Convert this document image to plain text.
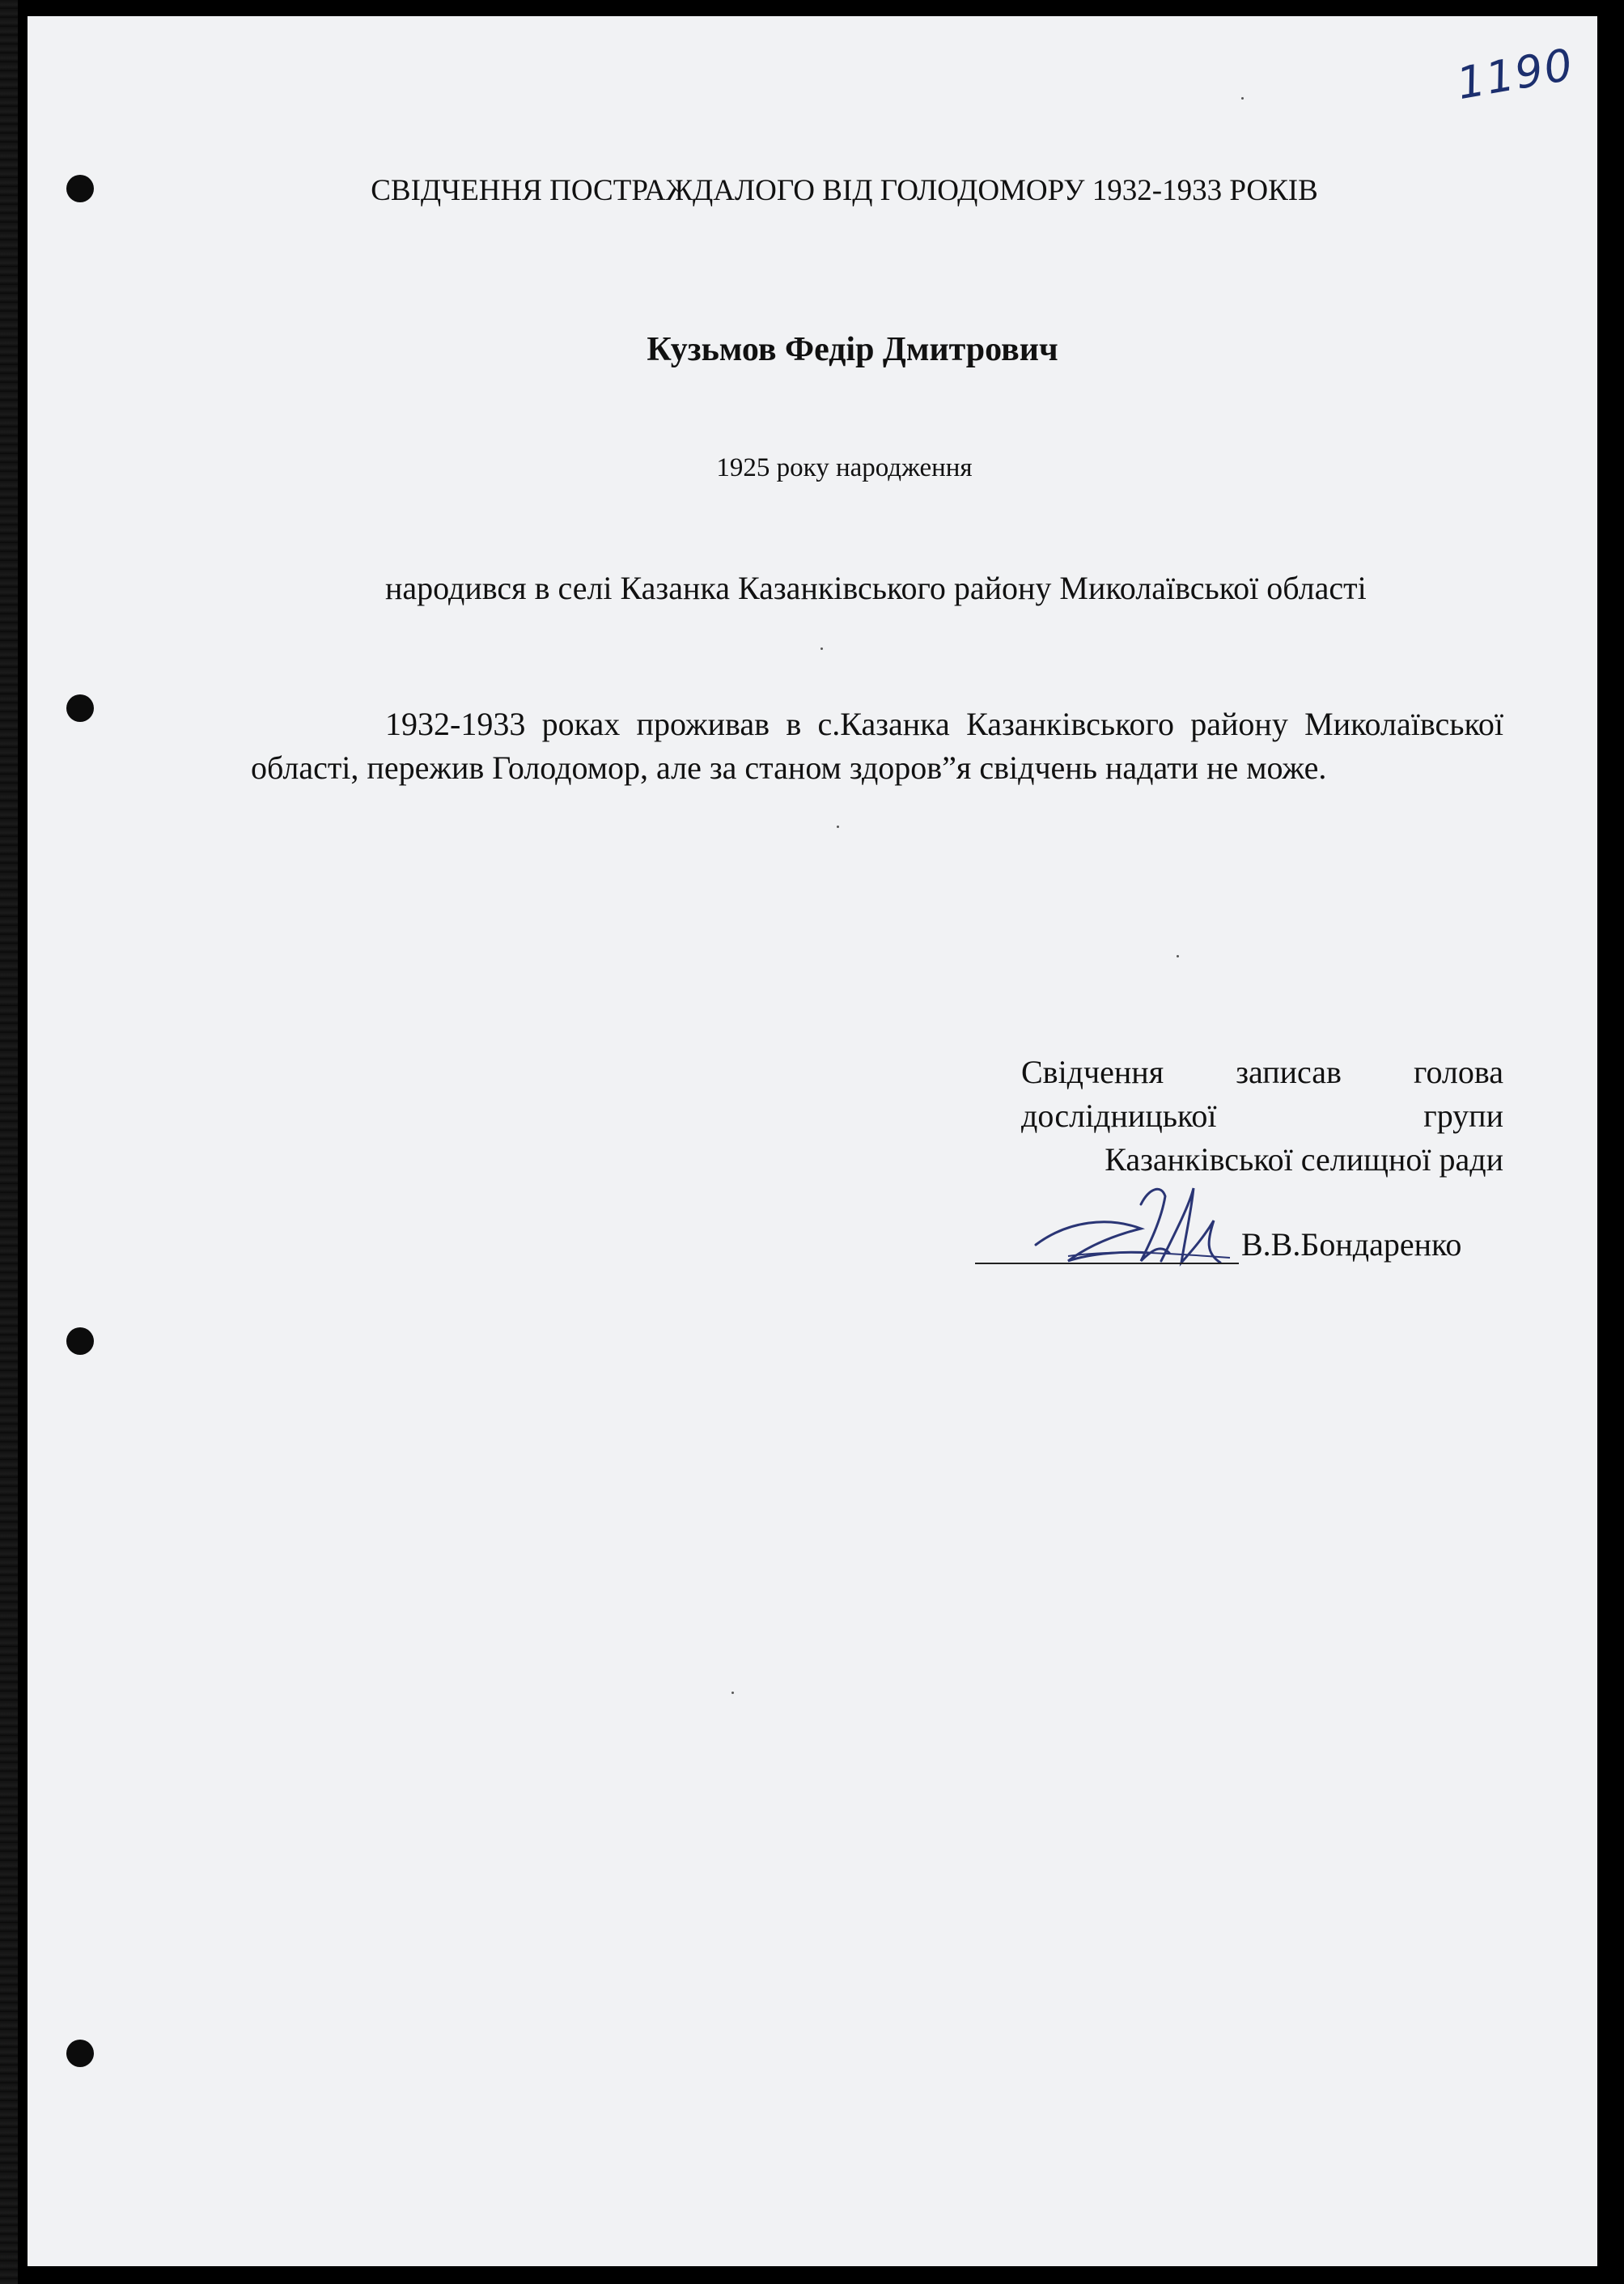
1190

СВІДЧЕННЯ ПОСТРАЖДАЛОГО ВІД ГОЛОДОМОРУ 1932-1933 РОКІВ

Кузьмов Федір Дмитрович

1925 року народження

народився в селі Казанка Казанківського району Миколаївської області

1932-1933 роках проживав в с.Казанка Казанківського району Миколаївської області, пережив Голодомор, але за станом здоров”я свідчень надати не може.

Свідчення записав голова дослідницької групи
Казанківської селищної ради

В.В.Бондаренко
